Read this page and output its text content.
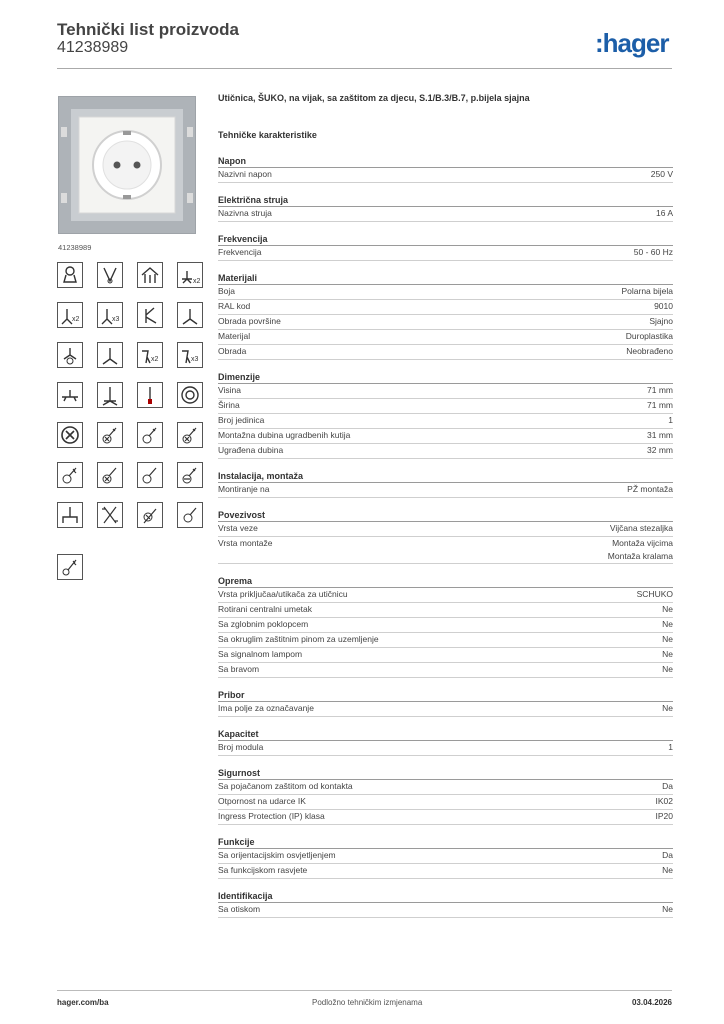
Tehnički list proizvoda
41238989	:hager
41238989
x2
x2	x3
x2	x3
Utičnica, ŠUKO, na vijak, sa zaštitom za djecu, S.1/B.3/B.7, p.bijela sjajna
Tehničke karakteristike
Napon
Nazivni napon	250 V
Električna struja
Nazivna struja	16 A
Frekvencija
Frekvencija	50 - 60 Hz
Materijali
Boja	Polarna bijela
RAL kod	9010
Obrada površine	Sjajno
Materijal	Duroplastika
Obrada	Neobrađeno
Dimenzije
Visina	71 mm
Širina	71 mm
Broj jedinica	1
Montažna dubina ugradbenih kutija	31 mm
Ugrađena dubina	32 mm
Instalacija, montaža
Montiranje na	PŽ montaža
Povezivost
Vrsta veze	Vijčana stezaljka
Vrsta montaže	Montaža vijcima
Montaža kralama
Oprema
Vrsta priključaa/utikača za utičnicu	SCHUKO
Rotirani centralni umetak	Ne
Sa zglobnim poklopcem	Ne
Sa okruglim zaštitnim pinom za uzemljenje	Ne
Sa signalnom lampom	Ne
Sa bravom	Ne
Pribor
Ima polje za označavanje	Ne
Kapacitet
Broj modula	1
Sigurnost
Sa pojačanom zaštitom od kontakta	Da
Otpornost na udarce IK	IK02
Ingress Protection (IP) klasa	IP20
Funkcije
Sa orijentacijskim osvjetljenjem	Da
Sa funkcijskom rasvjete	Ne
Identifikacija
Sa otiskom	Ne
hager.com/ba	Podložno tehničkim izmjenama	03.04.2026
